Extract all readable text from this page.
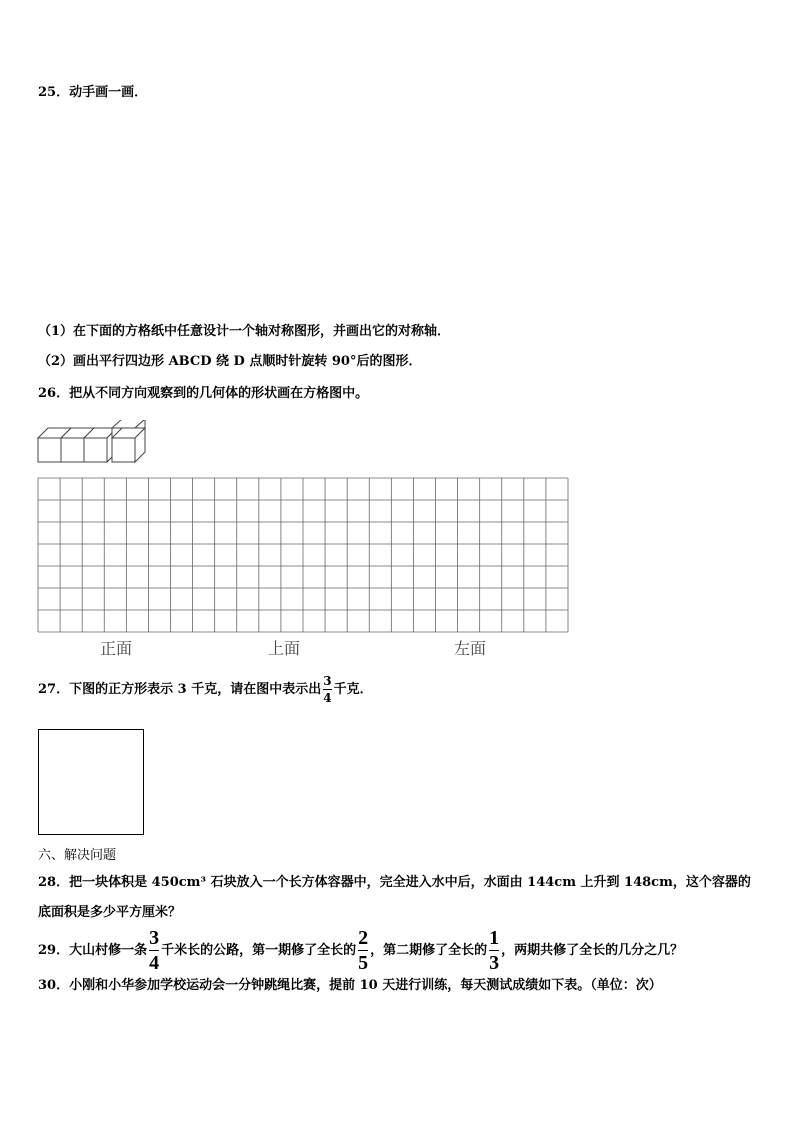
25．动手画一画．
（1）在下面的方格纸中任意设计一个轴对称图形，并画出它的对称轴．
（2）画出平行四边形 ABCD 绕 D 点顺时针旋转 90°后的图形．
26．把从不同方向观察到的几何体的形状画在方格图中。
正面	上面	左面
27．下图的正方形表示 3 千克，请在图中表示出 $\frac{3}{4}$ 千克．
六、解决问题
28．把一块体积是 450cm³ 石块放入一个长方体容器中，完全进入水中后，水面由 144cm 上升到 148cm，这个容器的
底面积是多少平方厘米？
29．大山村修一条 $\frac{3}{4}$ 千米长的公路，第一期修了全长的 $\frac{2}{5}$ ，第二期修了全长的 $\frac{1}{3}$ ，两期共修了全长的几分之几？
30．小刚和小华参加学校运动会一分钟跳绳比赛，提前 10 天进行训练，每天测试成绩如下表。（单位：次）
